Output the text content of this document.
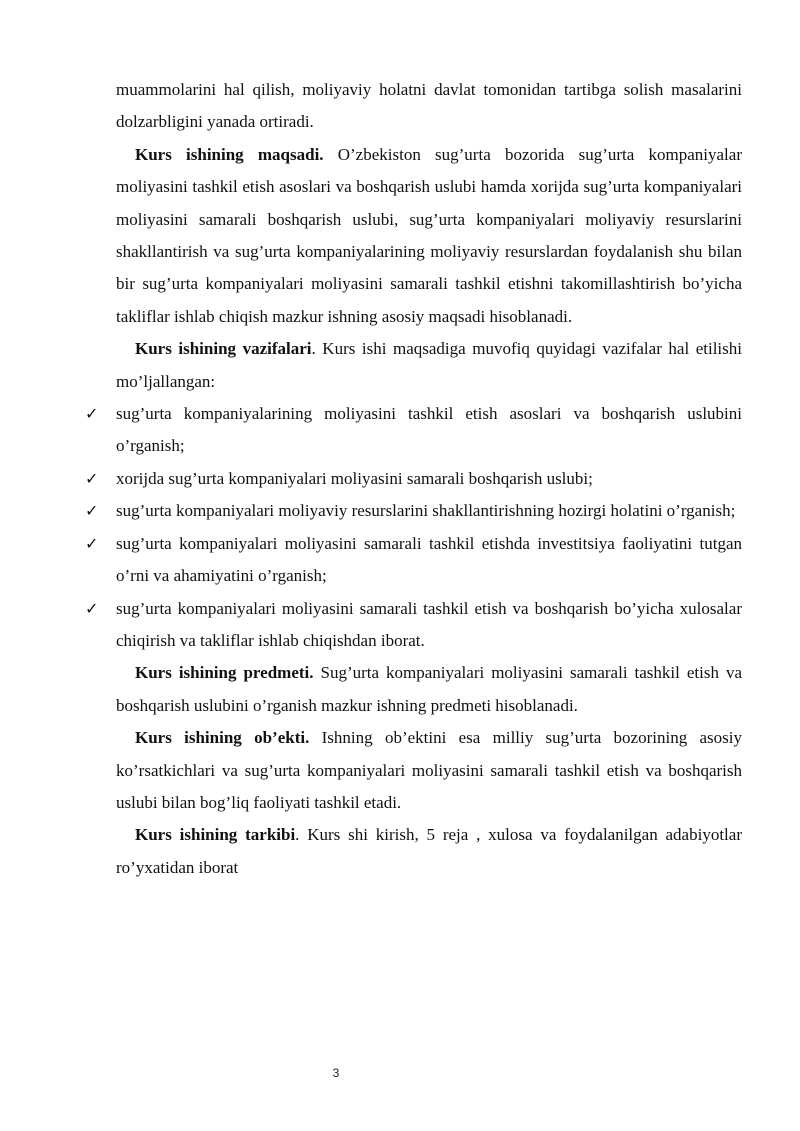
muammolarini hal qilish, moliyaviy holatni davlat tomonidan tartibga solish masalarini dolzarbligini yanada ortiradi.

Kurs ishining maqsadi. O’zbekiston sug’urta bozorida sug’urta kompaniyalar moliyasini tashkil etish asoslari va boshqarish uslubi hamda xorijda sug’urta kompaniyalari moliyasini samarali boshqarish uslubi, sug’urta kompaniyalari moliyaviy resurslarini shakllantirish va sug’urta kompaniyalarining moliyaviy resurslardan foydalanish shu bilan bir sug’urta kompaniyalari moliyasini samarali tashkil etishni takomillashtirish bo’yicha takliflar ishlab chiqish mazkur ishning asosiy maqsadi hisoblanadi.

Kurs ishining vazifalari. Kurs ishi maqsadiga muvofiq quyidagi vazifalar hal etilishi mo’ljallangan:

✓ sug’urta kompaniyalarining moliyasini tashkil etish asoslari va boshqarish uslubini o’rganish;
✓ xorijda sug’urta kompaniyalari moliyasini samarali boshqarish uslubi;
✓ sug’urta kompaniyalari moliyaviy resurslarini shakllantirishning hozirgi holatini o’rganish;
✓ sug’urta kompaniyalari moliyasini samarali tashkil etishda investitsiya faoliyatini tutgan o’rni va ahamiyatini o’rganish;
✓ sug’urta kompaniyalari moliyasini samarali tashkil etish va boshqarish bo’yicha xulosalar chiqirish va takliflar ishlab chiqishdan iborat.

Kurs ishining predmeti. Sug’urta kompaniyalari moliyasini samarali tashkil etish va boshqarish uslubini o’rganish mazkur ishning predmeti hisoblanadi.

Kurs ishining ob’ekti. Ishning ob’ektini esa milliy sug’urta bozorining asosiy ko’rsatkichlari va sug’urta kompaniyalari moliyasini samarali tashkil etish va boshqarish uslubi bilan bog’liq faoliyati tashkil etadi.

Kurs ishining tarkibi. Kurs shi kirish, 5 reja , xulosa va foydalanilgan adabiyotlar ro’yxatidan iborat

3
